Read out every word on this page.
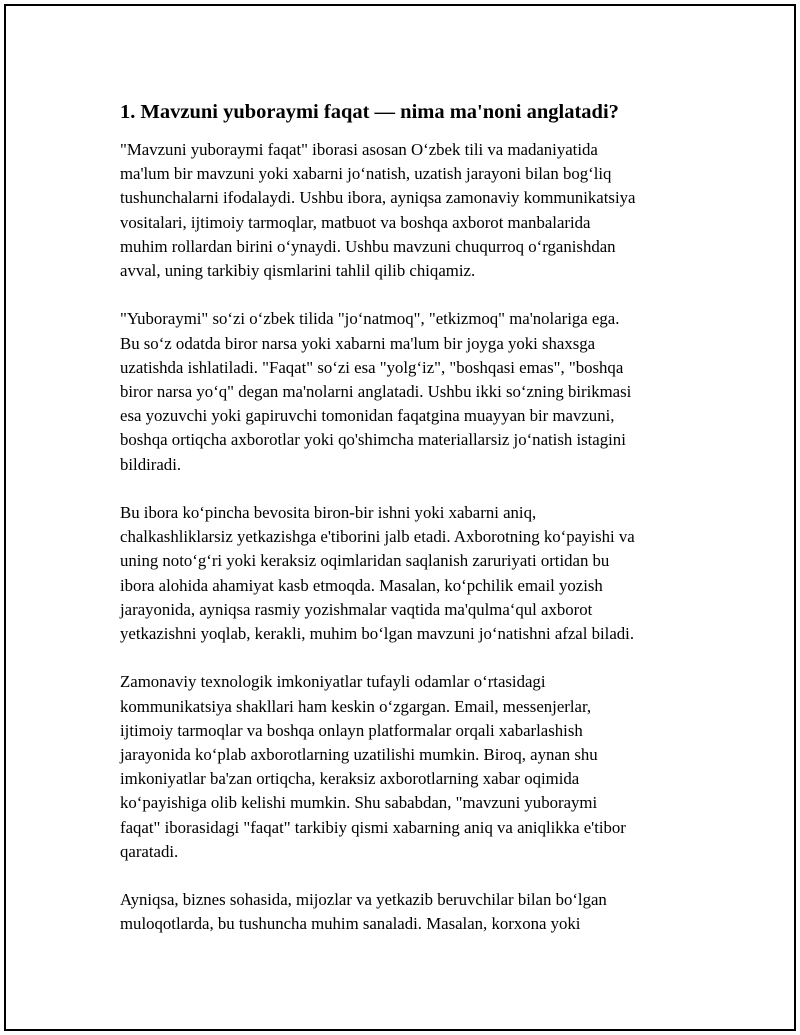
1. Mavzuni yuboraymi faqat — nima ma'noni anglatadi?

"Mavzuni yuboraymi faqat" iborasi asosan O‘zbek tili va madaniyatida
ma'lum bir mavzuni yoki xabarni jo‘natish, uzatish jarayoni bilan bog‘liq
tushunchalarni ifodalaydi. Ushbu ibora, ayniqsa zamonaviy kommunikatsiya
vositalari, ijtimoiy tarmoqlar, matbuot va boshqa axborot manbalarida
muhim rollardan birini o‘ynaydi. Ushbu mavzuni chuqurroq o‘rganishdan
avval, uning tarkibiy qismlarini tahlil qilib chiqamiz.

"Yuboraymi" so‘zi o‘zbek tilida "jo‘natmoq", "etkizmoq" ma'nolariga ega.
Bu so‘z odatda biror narsa yoki xabarni ma'lum bir joyga yoki shaxsga
uzatishda ishlatiladi. "Faqat" so‘zi esa "yolg‘iz", "boshqasi emas", "boshqa
biror narsa yo‘q" degan ma'nolarni anglatadi. Ushbu ikki so‘zning birikmasi
esa yozuvchi yoki gapiruvchi tomonidan faqatgina muayyan bir mavzuni,
boshqa ortiqcha axborotlar yoki qo'shimcha materiallarsiz jo‘natish istagini
bildiradi.

Bu ibora ko‘pincha bevosita biron-bir ishni yoki xabarni aniq,
chalkashliklarsiz yetkazishga e'tiborini jalb etadi. Axborotning ko‘payishi va
uning noto‘g‘ri yoki keraksiz oqimlaridan saqlanish zaruriyati ortidan bu
ibora alohida ahamiyat kasb etmoqda. Masalan, ko‘pchilik email yozish
jarayonida, ayniqsa rasmiy yozishmalar vaqtida ma'qulma‘qul axborot
yetkazishni yoqlab, kerakli, muhim bo‘lgan mavzuni jo‘natishni afzal biladi.

Zamonaviy texnologik imkoniyatlar tufayli odamlar o‘rtasidagi
kommunikatsiya shakllari ham keskin o‘zgargan. Email, messenjerlar,
ijtimoiy tarmoqlar va boshqa onlayn platformalar orqali xabarlashish
jarayonida ko‘plab axborotlarning uzatilishi mumkin. Biroq, aynan shu
imkoniyatlar ba'zan ortiqcha, keraksiz axborotlarning xabar oqimida
ko‘payishiga olib kelishi mumkin. Shu sababdan, "mavzuni yuboraymi
faqat" iborasidagi "faqat" tarkibiy qismi xabarning aniq va aniqlikka e'tibor
qaratadi.

Ayniqsa, biznes sohasida, mijozlar va yetkazib beruvchilar bilan bo‘lgan
muloqotlarda, bu tushuncha muhim sanaladi. Masalan, korxona yoki
